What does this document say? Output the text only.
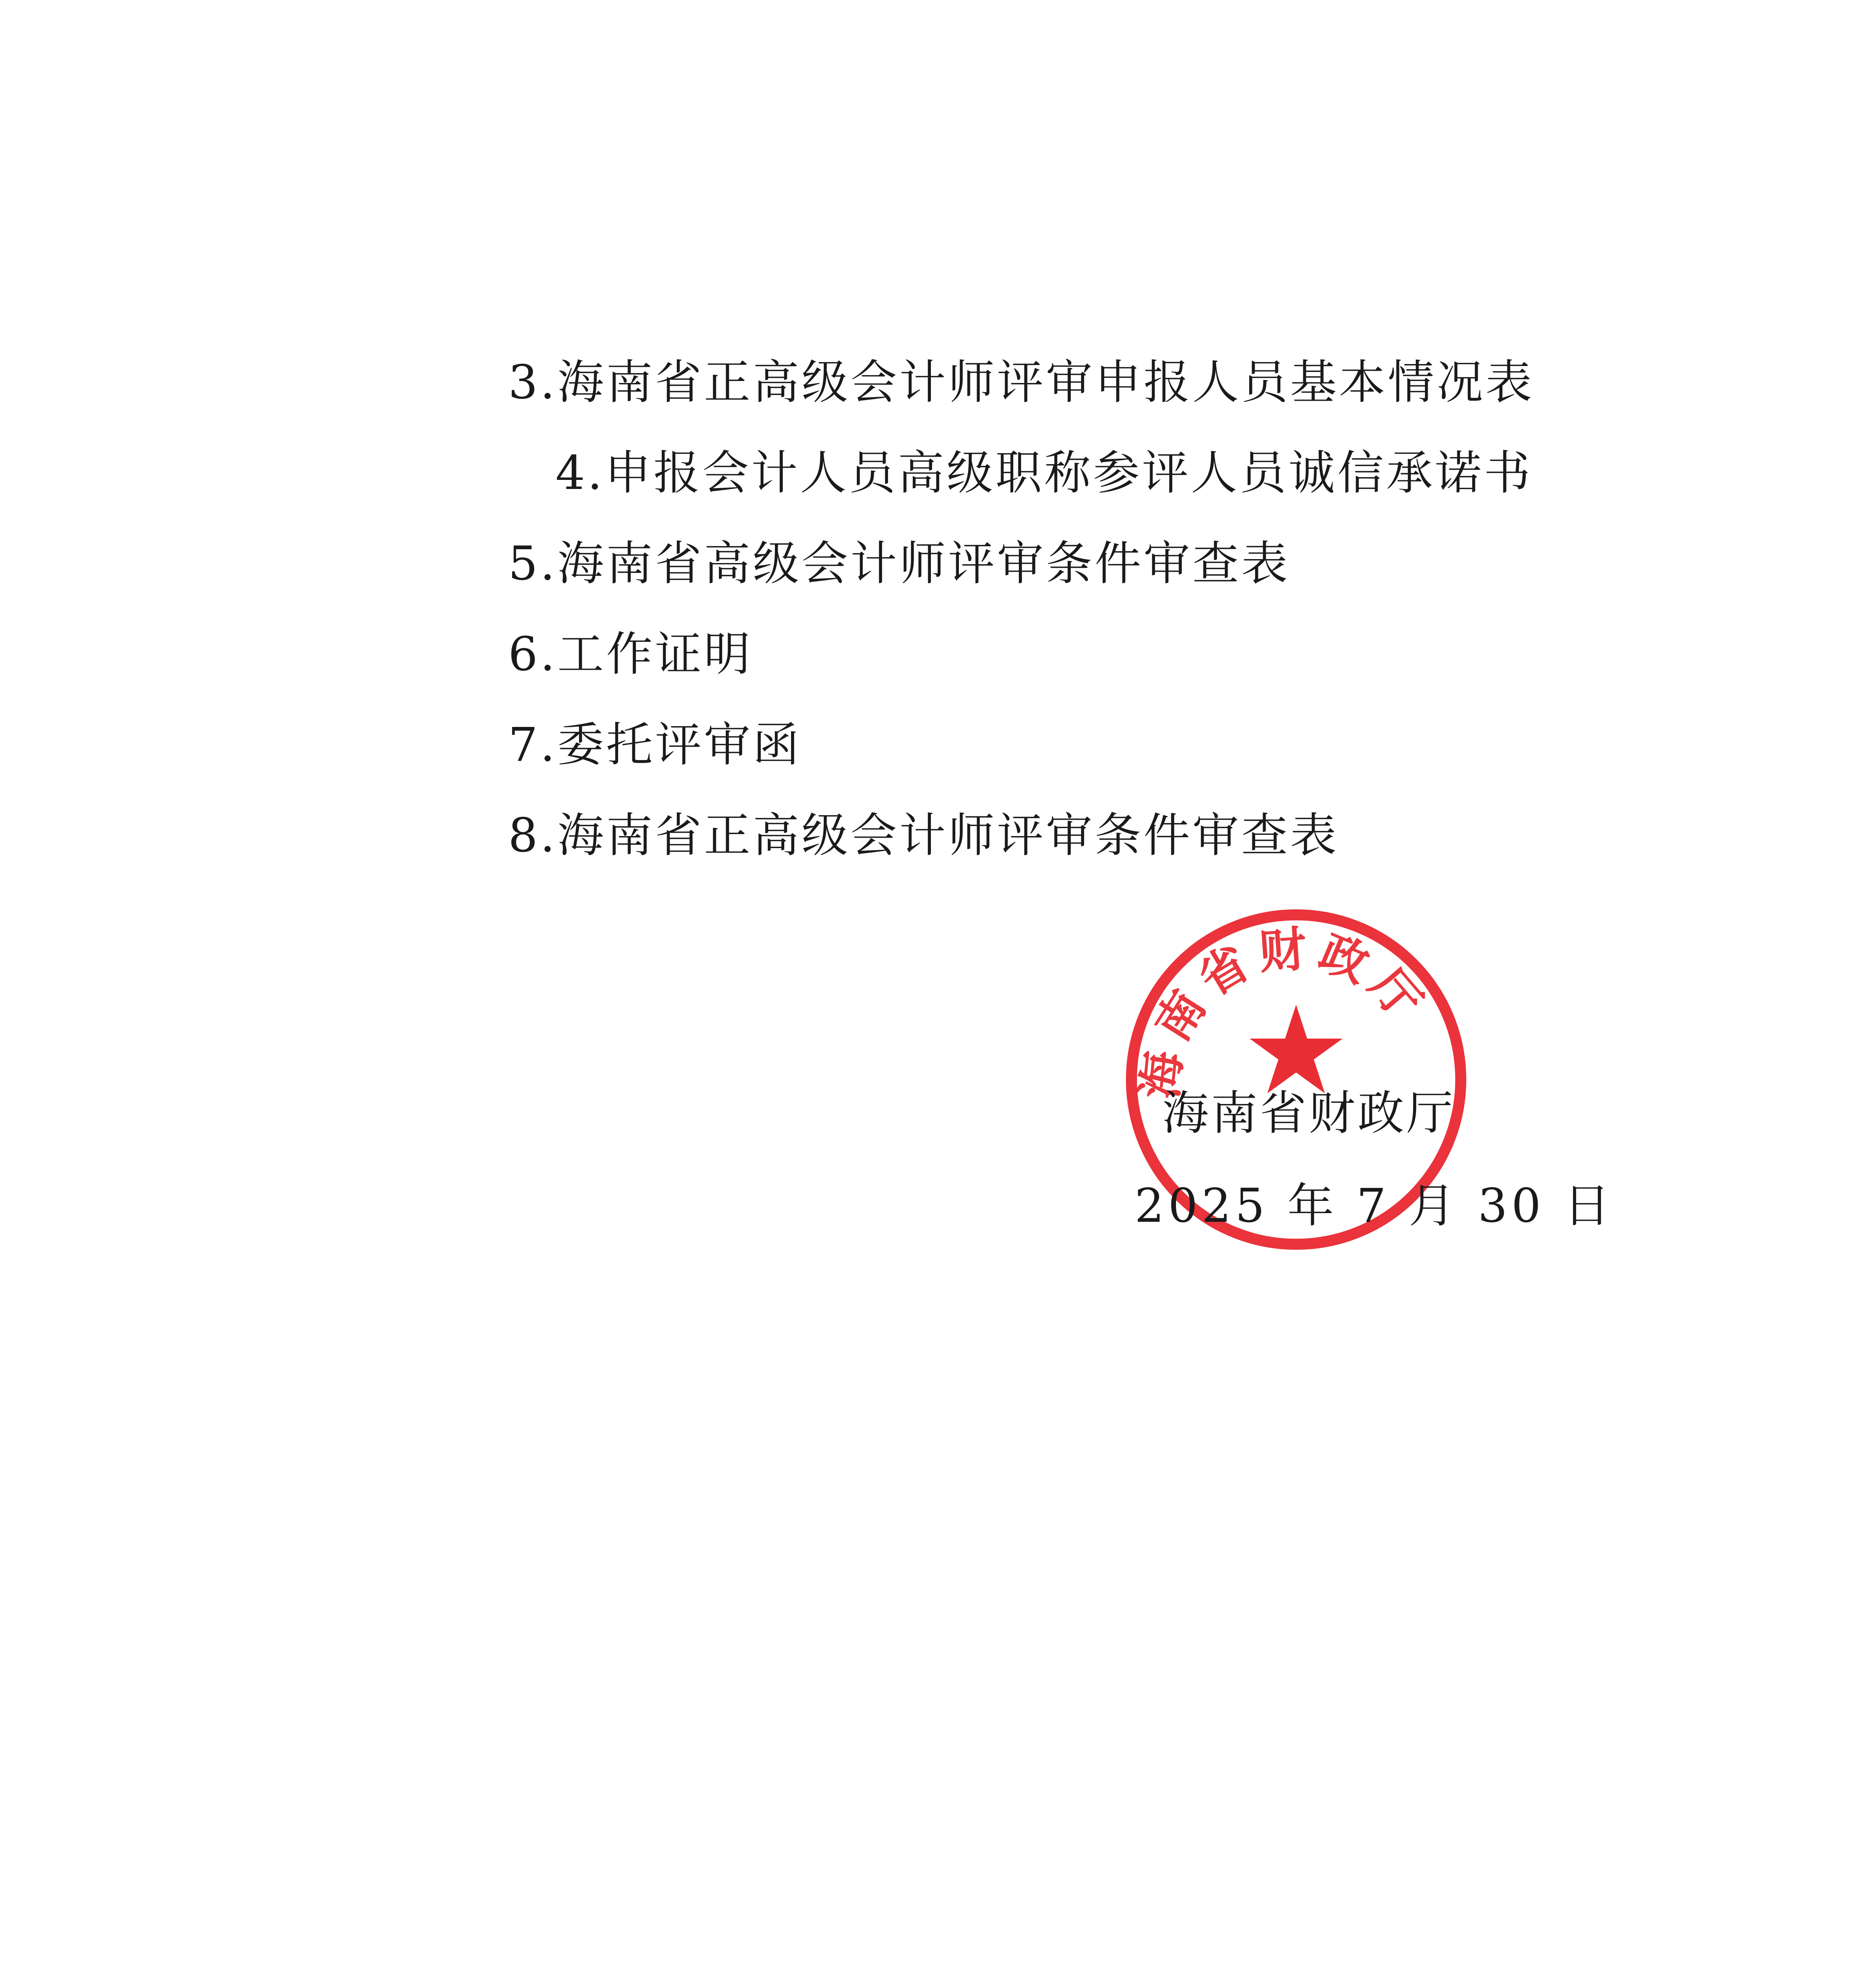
3.海南省正高级会计师评审申报人员基本情况表
4.申报会计人员高级职称参评人员诚信承诺书
5.海南省高级会计师评审条件审查表
6.工作证明
7.委托评审函
8.海南省正高级会计师评审条件审查表
海南省财政厅
海南省财政厅
2025 年 7 月 30 日
